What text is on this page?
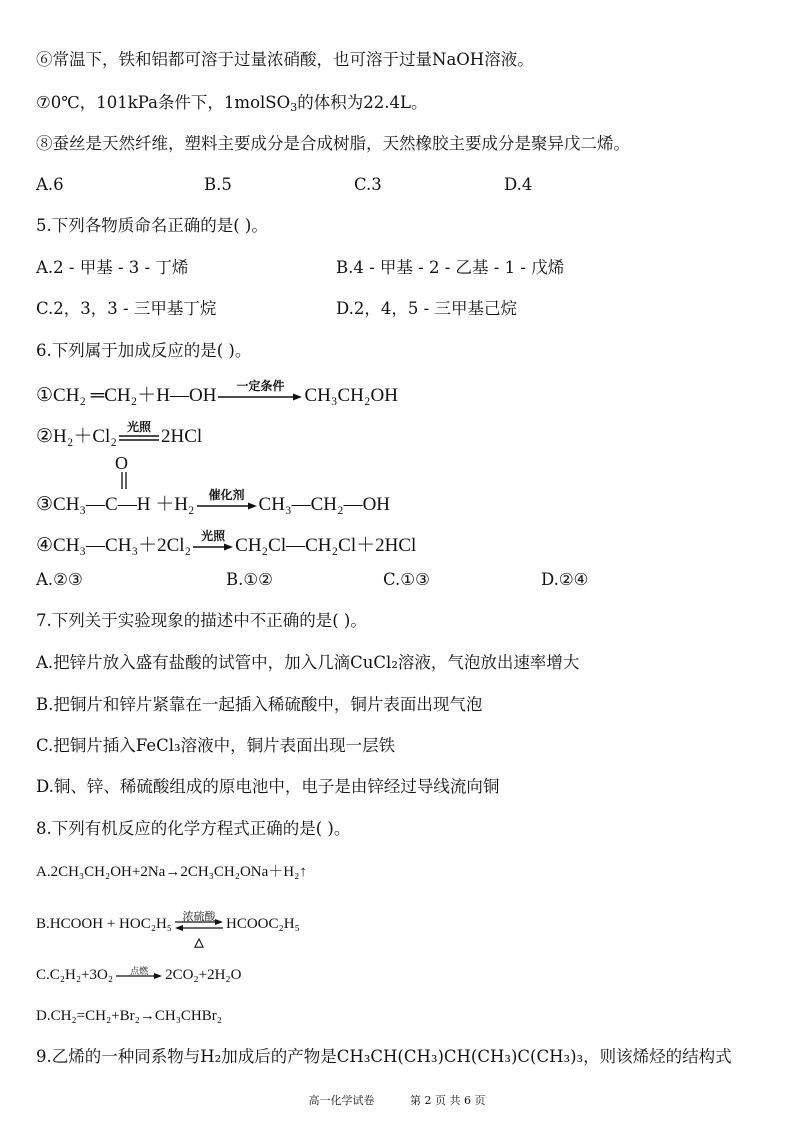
⑥常温下，铁和铝都可溶于过量浓硝酸，也可溶于过量NaOH溶液。
⑦0℃，101kPa条件下，1molSO$_3$的体积为22.4L。
⑧蚕丝是天然纤维，塑料主要成分是合成树脂，天然橡胶主要成分是聚异戊二烯。
A.6	B.5	C.3	D.4
5.下列各物质命名正确的是( )。
A.2 - 甲基 - 3 - 丁烯	B.4 - 甲基 - 2 - 乙基 - 1 - 戊烯
C.2，3，3 - 三甲基丁烷	D.2，4，5 - 三甲基己烷
6.下列属于加成反应的是( )。
①CH₂ ═CH₂＋H—OH	一定条件	CH₃CH₂OH
②H₂＋Cl₂ 光照 2HCl
O
③CH₃—C—H ＋H₂	催化剂 CH₃—CH₂—OH
④CH₃—CH₃＋2Cl₂ 光照 CH₂Cl—CH₂Cl＋2HCl
A.②③	B.①②	C.①③	D.②④
7.下列关于实验现象的描述中不正确的是( )。
A.把锌片放入盛有盐酸的试管中，加入几滴CuCl₂溶液，气泡放出速率增大
B.把铜片和锌片紧靠在一起插入稀硫酸中，铜片表面出现气泡
C.把铜片插入FeCl₃溶液中，铜片表面出现一层铁
D.铜、锌、稀硫酸组成的原电池中，电子是由锌经过导线流向铜
8.下列有机反应的化学方程式正确的是( )。
A.2CH₃CH₂OH+2Na→2CH₃CH₂ONa＋H₂↑
B.HCOOH + HOC₂H₅ 浓硫酸
△
HCOOC₂H₅
C.C₂H₂+3O₂	点燃	2CO₂+2H₂O
D.CH₂=CH₂+Br₂→CH₃CHBr₂
9.乙烯的一种同系物与H₂加成后的产物是CH₃CH(CH₃)CH(CH₃)C(CH₃)₃，则该烯烃的结构式
高一化学试卷	第 2 页 共 6 页
